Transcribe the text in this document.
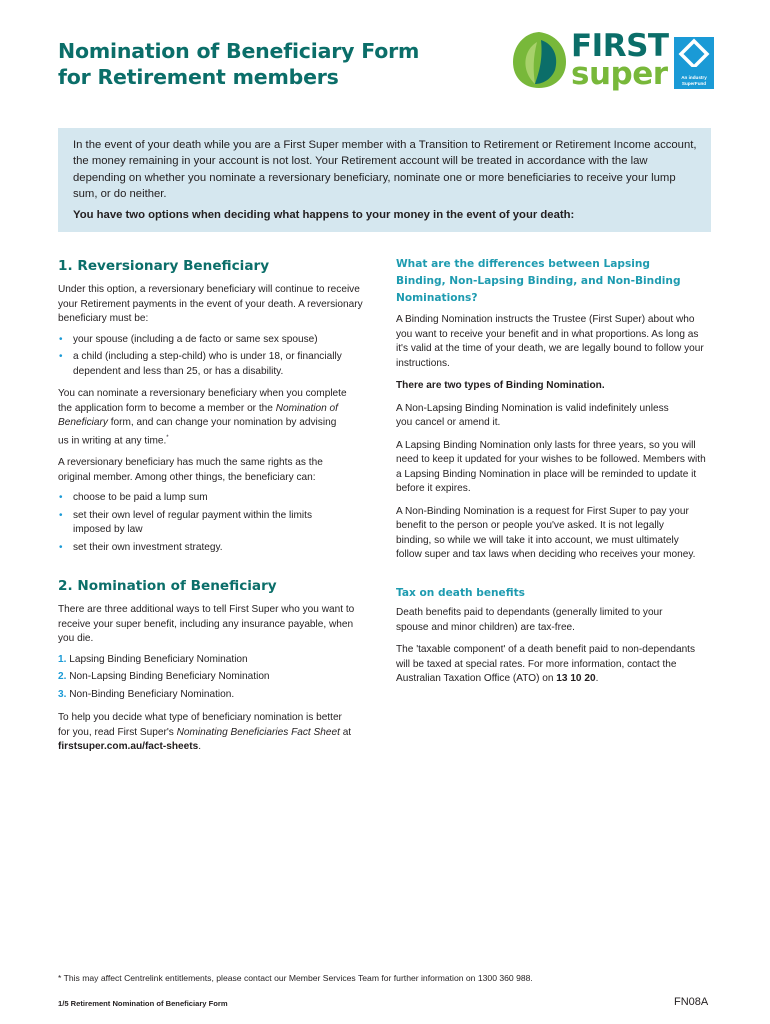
Nomination of Beneficiary Form
for Retirement members
FIRST
super	An industry
SuperFund

In the event of your death while you are a First Super member with a Transition to Retirement or Retirement Income account, the money remaining in your account is not lost. Your Retirement account will be treated in accordance with the law depending on whether you nominate a reversionary beneficiary, nominate one or more beneficiaries to receive your lump sum, or do neither.

You have two options when deciding what happens to your money in the event of your death:

1. Reversionary Beneficiary

Under this option, a reversionary beneficiary will continue to receive your Retirement payments in the event of your death. A reversionary beneficiary must be:

• your spouse (including a de facto or same sex spouse)
• a child (including a step-child) who is under 18, or financially dependent and less than 25, or has a disability.

You can nominate a reversionary beneficiary when you complete the application form to become a member or the Nomination of Beneficiary form, and can change your nomination by advising us in writing at any time.*

A reversionary beneficiary has much the same rights as the original member. Among other things, the beneficiary can:

• choose to be paid a lump sum
• set their own level of regular payment within the limits imposed by law
• set their own investment strategy.

2. Nomination of Beneficiary

There are three additional ways to tell First Super who you want to receive your super benefit, including any insurance payable, when you die.

1. Lapsing Binding Beneficiary Nomination

2. Non-Lapsing Binding Beneficiary Nomination

3. Non-Binding Beneficiary Nomination.

To help you decide what type of beneficiary nomination is better for you, read First Super's Nominating Beneficiaries Fact Sheet at firstsuper.com.au/fact-sheets.

What are the differences between Lapsing Binding, Non-Lapsing Binding, and Non-Binding Nominations?

A Binding Nomination instructs the Trustee (First Super) about who you want to receive your benefit and in what proportions. As long as it's valid at the time of your death, we are legally bound to follow your instructions.

There are two types of Binding Nomination.

A Non-Lapsing Binding Nomination is valid indefinitely unless you cancel or amend it.

A Lapsing Binding Nomination only lasts for three years, so you will need to keep it updated for your wishes to be followed. Members with a Lapsing Binding Nomination in place will be reminded to update it before it expires.

A Non-Binding Nomination is a request for First Super to pay your benefit to the person or people you've asked. It is not legally binding, so while we will take it into account, we must ultimately follow super and tax laws when deciding who receives your money.

Tax on death benefits

Death benefits paid to dependants (generally limited to your spouse and minor children) are tax-free.

The 'taxable component' of a death benefit paid to non-dependants will be taxed at special rates. For more information, contact the Australian Taxation Office (ATO) on 13 10 20.

* This may affect Centrelink entitlements, please contact our Member Services Team for further information on 1300 360 988.
1/5 Retirement Nomination of Beneficiary Form	FN08A
